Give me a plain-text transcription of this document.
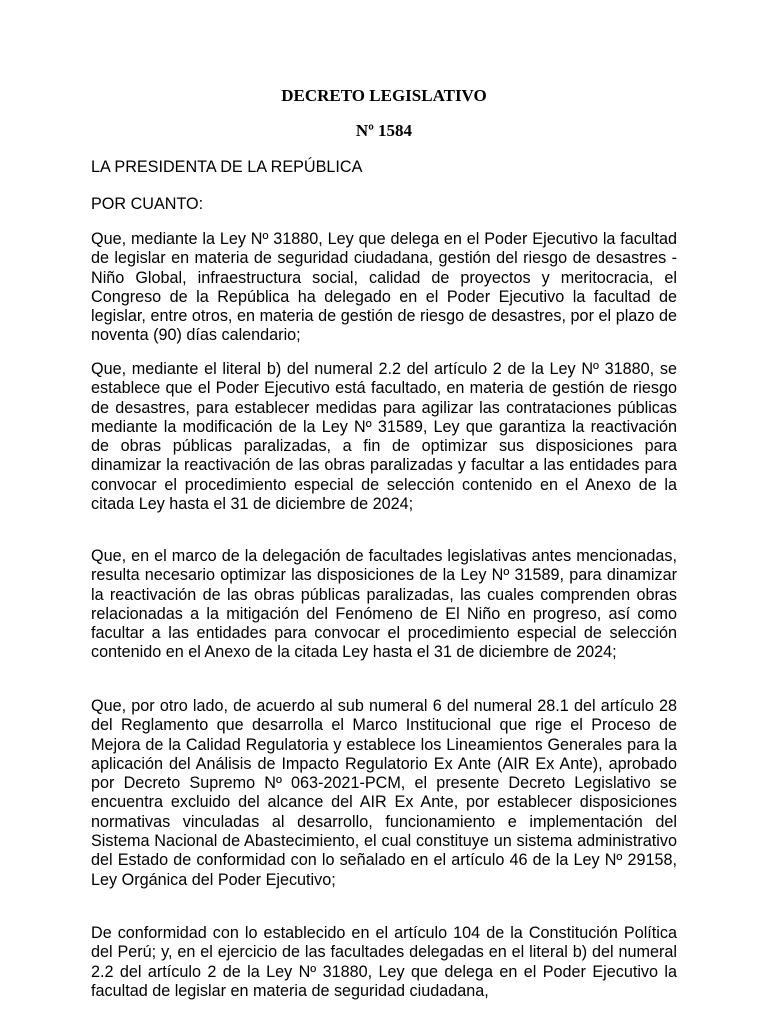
DECRETO LEGISLATIVO
Nº 1584

LA PRESIDENTA DE LA REPÚBLICA

POR CUANTO:

Que, mediante la Ley Nº 31880, Ley que delega en el Poder Ejecutivo la facultad de legislar en materia de seguridad ciudadana, gestión del riesgo de desastres - Niño Global, infraestructura social, calidad de proyectos y meritocracia, el Congreso de la República ha delegado en el Poder Ejecutivo la facultad de legislar, entre otros, en materia de gestión de riesgo de desastres, por el plazo de noventa (90) días calendario;

Que, mediante el literal b) del numeral 2.2 del artículo 2 de la Ley Nº 31880, se establece que el Poder Ejecutivo está facultado, en materia de gestión de riesgo de desastres, para establecer medidas para agilizar las contrataciones públicas mediante la modificación de la Ley Nº 31589, Ley que garantiza la reactivación de obras públicas paralizadas, a fin de optimizar sus disposiciones para dinamizar la reactivación de las obras paralizadas y facultar a las entidades para convocar el procedimiento especial de selección contenido en el Anexo de la citada Ley hasta el 31 de diciembre de 2024;

Que, en el marco de la delegación de facultades legislativas antes mencionadas, resulta necesario optimizar las disposiciones de la Ley Nº 31589, para dinamizar la reactivación de las obras públicas paralizadas, las cuales comprenden obras relacionadas a la mitigación del Fenómeno de El Niño en progreso, así como facultar a las entidades para convocar el procedimiento especial de selección contenido en el Anexo de la citada Ley hasta el 31 de diciembre de 2024;

Que, por otro lado, de acuerdo al sub numeral 6 del numeral 28.1 del artículo 28 del Reglamento que desarrolla el Marco Institucional que rige el Proceso de Mejora de la Calidad Regulatoria y establece los Lineamientos Generales para la aplicación del Análisis de Impacto Regulatorio Ex Ante (AIR Ex Ante), aprobado por Decreto Supremo Nº 063-2021-PCM, el presente Decreto Legislativo se encuentra excluido del alcance del AIR Ex Ante, por establecer disposiciones normativas vinculadas al desarrollo, funcionamiento e implementación del Sistema Nacional de Abastecimiento, el cual constituye un sistema administrativo del Estado de conformidad con lo señalado en el artículo 46 de la Ley Nº 29158, Ley Orgánica del Poder Ejecutivo;

De conformidad con lo establecido en el artículo 104 de la Constitución Política del Perú; y, en el ejercicio de las facultades delegadas en el literal b) del numeral 2.2 del artículo 2 de la Ley Nº 31880, Ley que delega en el Poder Ejecutivo la facultad de legislar en materia de seguridad ciudadana,
